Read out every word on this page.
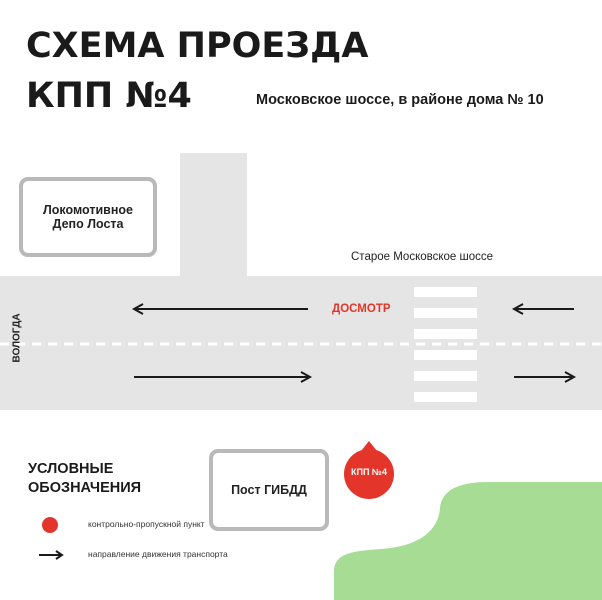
СХЕМА ПРОЕЗДА
КПП №4	Московское шоссе, в районе дома № 10
Локомотивное
Депо Лоста
Пост ГИБДД
Старое Московское шоссе
ВОЛОГДА
ДОСМОТР
КПП №4
УСЛОВНЫЕ
ОБОЗНАЧЕНИЯ
контрольно-пропускной пункт
направление движения транспорта
